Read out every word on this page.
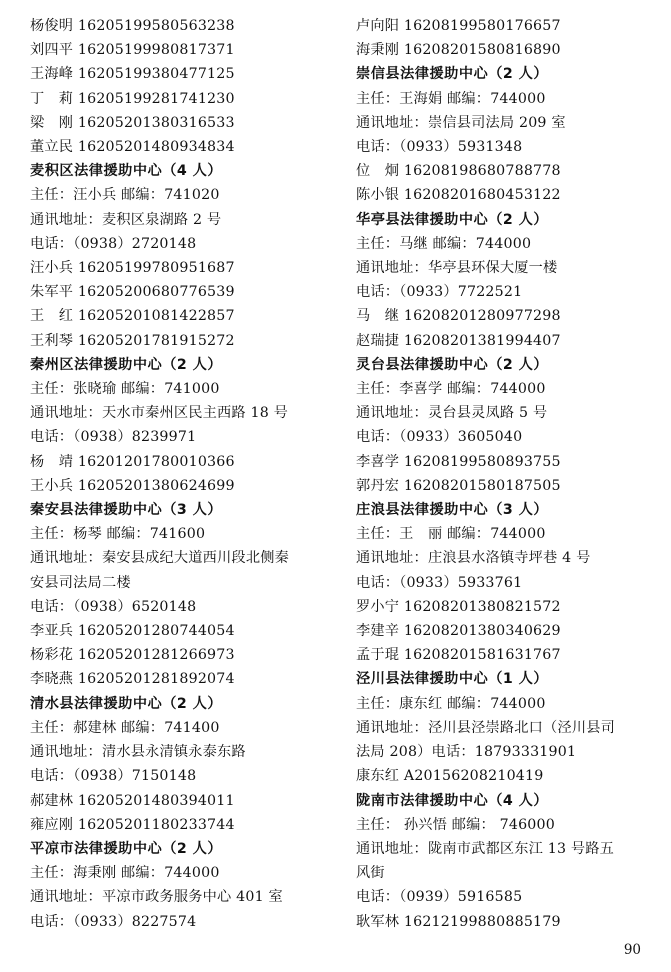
杨俊明 16205199580563238
刘四平 16205199980817371
王海峰 16205199380477125
丁　莉 16205199281741230
梁　刚 16205201380316533
董立民 16205201480934834
麦积区法律援助中心（4 人）
主任：汪小兵 邮编：741020
通讯地址：麦积区泉湖路 2 号
电话：（0938）2720148
汪小兵 16205199780951687
朱军平 16205200680776539
王　红 16205201081422857
王利琴 16205201781915272
秦州区法律援助中心（2 人）
主任：张晓瑜 邮编：741000
通讯地址：天水市秦州区民主西路 18 号
电话：（0938）8239971
杨　靖 16201201780010366
王小兵 16205201380624699
秦安县法律援助中心（3 人）
主任：杨琴 邮编：741600
通讯地址：秦安县成纪大道西川段北侧秦
安县司法局二楼
电话：（0938）6520148
李亚兵 16205201280744054
杨彩花 16205201281266973
李晓燕 16205201281892074
清水县法律援助中心（2 人）
主任：郝建林 邮编：741400
通讯地址：清水县永清镇永泰东路
电话：（0938）7150148
郝建林 16205201480394011
雍应刚 16205201180233744
平凉市法律援助中心（2 人）
主任：海秉刚 邮编：744000
通讯地址：平凉市政务服务中心 401 室
电话：（0933）8227574
卢向阳 16208199580176657
海秉刚 16208201580816890
崇信县法律援助中心（2 人）
主任：王海娟 邮编：744000
通讯地址：崇信县司法局 209 室
电话：（0933）5931348
位　炯 16208198680788778
陈小银 16208201680453122
华亭县法律援助中心（2 人）
主任：马继 邮编：744000
通讯地址：华亭县环保大厦一楼
电话：（0933）7722521
马　继 16208201280977298
赵瑞捷 16208201381994407
灵台县法律援助中心（2 人）
主任：李喜学 邮编：744000
通讯地址：灵台县灵凤路 5 号
电话：（0933）3605040
李喜学 16208199580893755
郭丹宏 16208201580187505
庄浪县法律援助中心（3 人）
主任：王　丽 邮编：744000
通讯地址：庄浪县水洛镇寺坪巷 4 号
电话：（0933）5933761
罗小宁 16208201380821572
李建辛 16208201380340629
孟于琨 16208201581631767
泾川县法律援助中心（1 人）
主任：康东红 邮编：744000
通讯地址：泾川县泾崇路北口（泾川县司
法局 208）电话：18793331901
康东红 A20156208210419
陇南市法律援助中心（4 人）
主任： 孙兴悟 邮编： 746000
通讯地址：陇南市武都区东江 13 号路五
风街
电话：（0939）5916585
耿军林 16212199880885179
90
